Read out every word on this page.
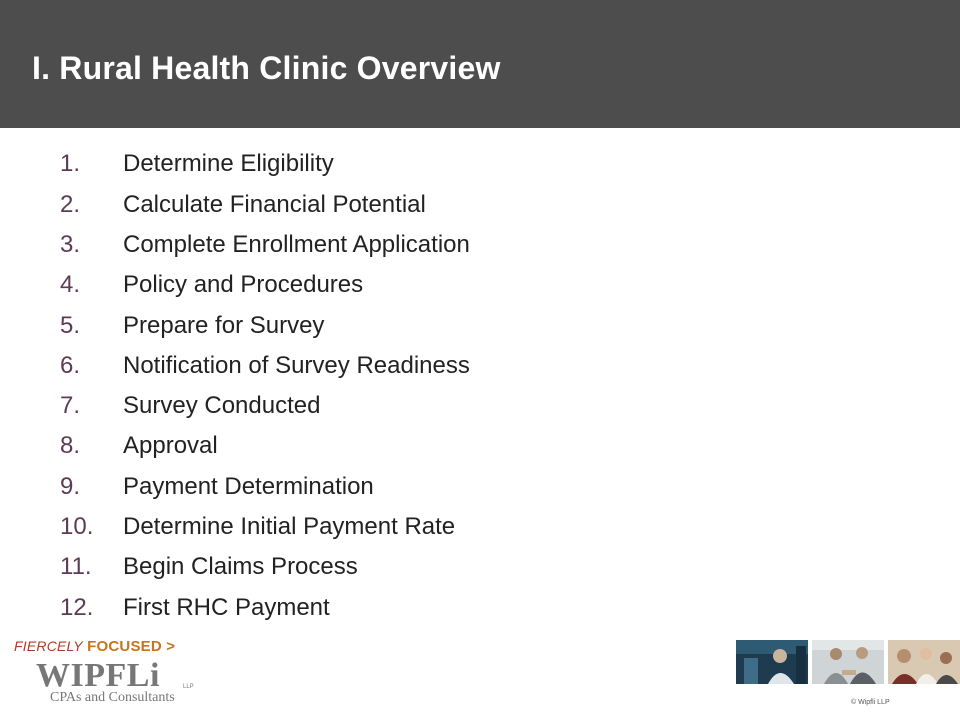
I. Rural Health Clinic Overview
1.	Determine Eligibility
2.	Calculate Financial Potential
3.	Complete Enrollment Application
4.	Policy and Procedures
5.	Prepare for Survey
6.	Notification of Survey Readiness
7.	Survey Conducted
8.	Approval
9.	Payment Determination
10.	Determine Initial Payment Rate
11.	Begin Claims Process
12.	First RHC Payment
FIERCELY FOCUSED >
WIPFLi	LLP
CPAs and Consultants	© Wipfli LLP
